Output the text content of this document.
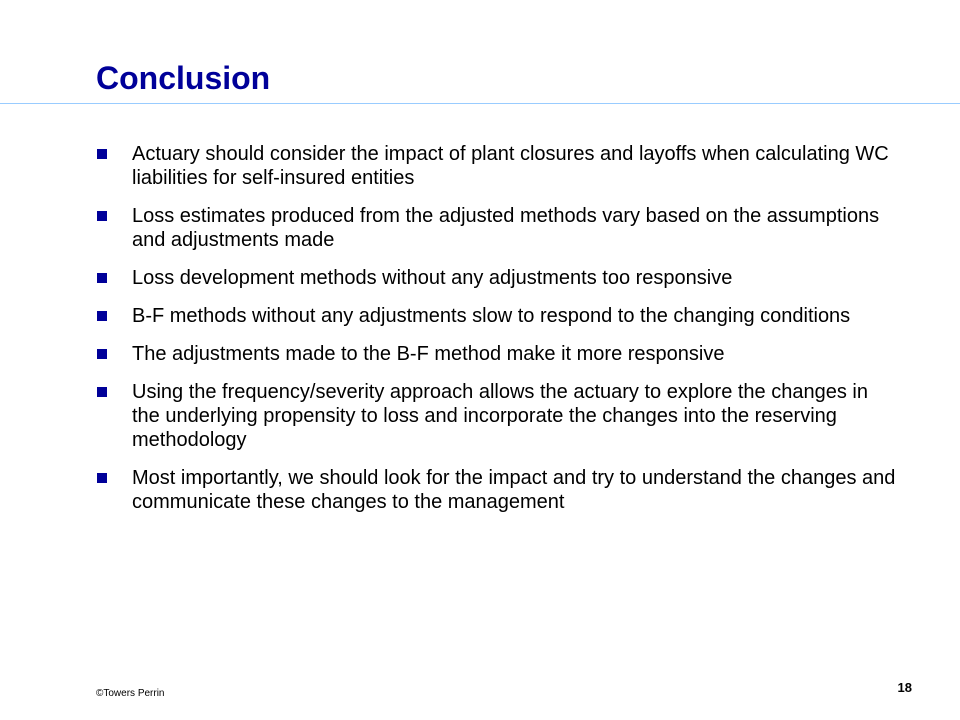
Conclusion
Actuary should consider the impact of plant closures and layoffs when calculating WC liabilities for self-insured entities
Loss estimates produced from the adjusted methods vary based on the assumptions and adjustments made
Loss development methods without any adjustments too responsive
B-F methods without any adjustments slow to respond to the changing conditions
The adjustments made to the B-F method make it more responsive
Using the frequency/severity approach allows the actuary to explore the changes in the underlying propensity to loss and incorporate the changes into the reserving methodology
Most importantly, we should look for the impact and try to understand the changes and communicate these changes to the management
©Towers Perrin	18
